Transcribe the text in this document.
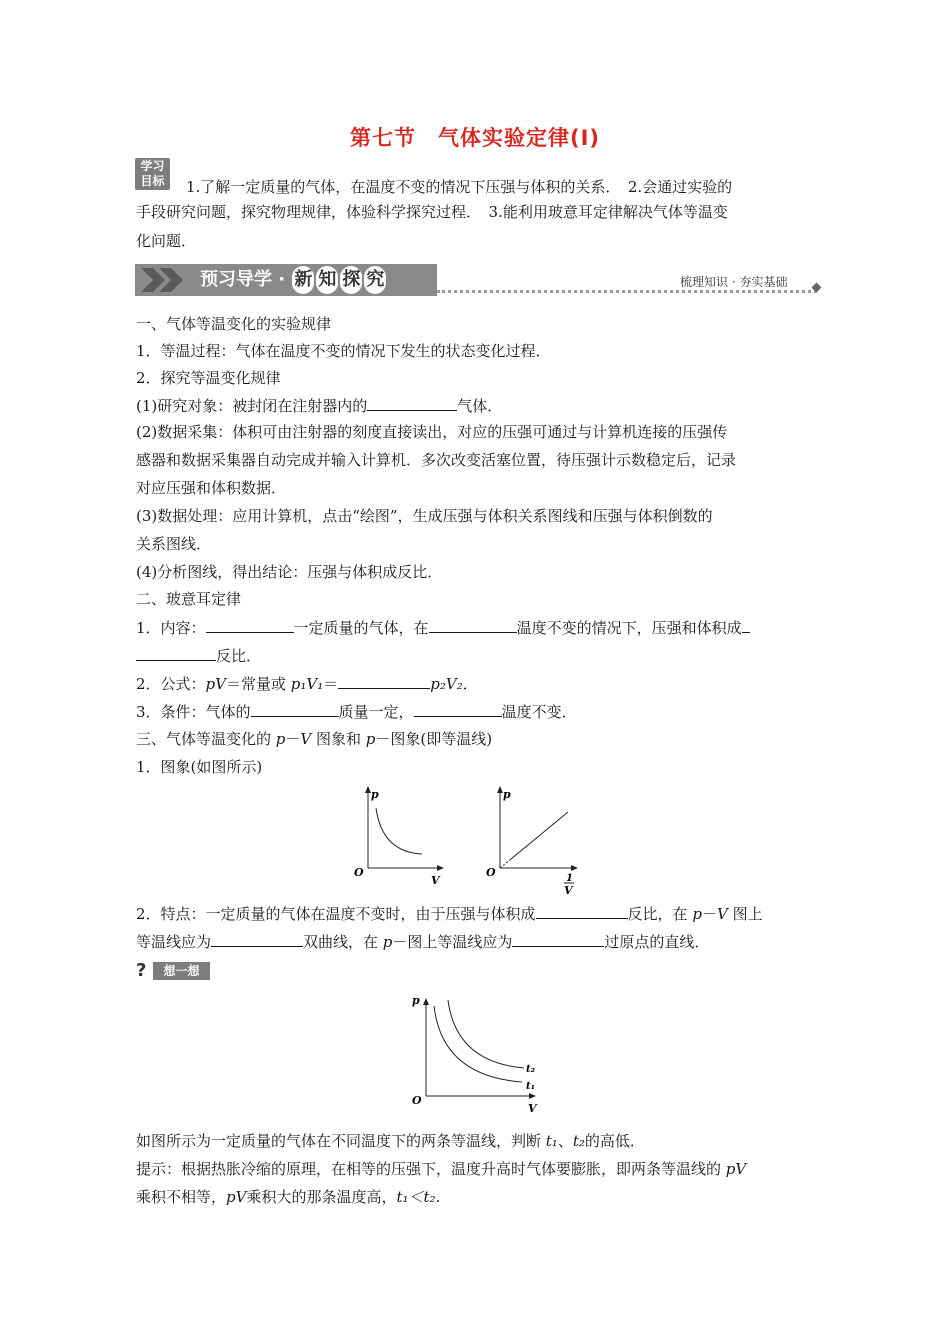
第七节　气体实验定律(Ⅰ)
学习
目标	1.了解一定质量的气体，在温度不变的情况下压强与体积的关系．　2.会通过实验的
手段研究问题，探究物理规律，体验科学探究过程．　3.能利用玻意耳定律解决气体等温变
化问题．
预习导学 · 新 知 探 究	梳理知识 · 夯实基础
一、气体等温变化的实验规律
1．等温过程：气体在温度不变的情况下发生的状态变化过程．
2．探究等温变化规律
(1)研究对象：被封闭在注射器内的	气体．
(2)数据采集：体积可由注射器的刻度直接读出，对应的压强可通过与计算机连接的压强传
感器和数据采集器自动完成并输入计算机．多次改变活塞位置，待压强计示数稳定后，记录
对应压强和体积数据．
(3)数据处理：应用计算机，点击“绘图”，生成压强与体积关系图线和压强与体积倒数的
关系图线．
(4)分析图线，得出结论：压强与体积成反比．
二、玻意耳定律
1．内容：	一定质量的气体，在	温度不变的情况下，压强和体积成
反比．
2．公式：pV＝常量或 p₁V₁＝	p₂V₂．
3．条件：气体的	质量一定，	温度不变．
三、气体等温变化的 p－V 图象和 p－图象(即等温线)
1．图象(如图所示)
p
V
O
p
O	1
V
2．特点：一定质量的气体在温度不变时，由于压强与体积成	反比，在 p－V 图上
等温线应为	双曲线，在 p－图上等温线应为	过原点的直线．
?	想一想
p
V
O
t₂
t₁
如图所示为一定质量的气体在不同温度下的两条等温线，判断 t₁、t₂的高低．
提示：根据热胀冷缩的原理，在相等的压强下，温度升高时气体要膨胀，即两条等温线的 pV
乘积不相等，pV乘积大的那条温度高，t₁＜t₂.
